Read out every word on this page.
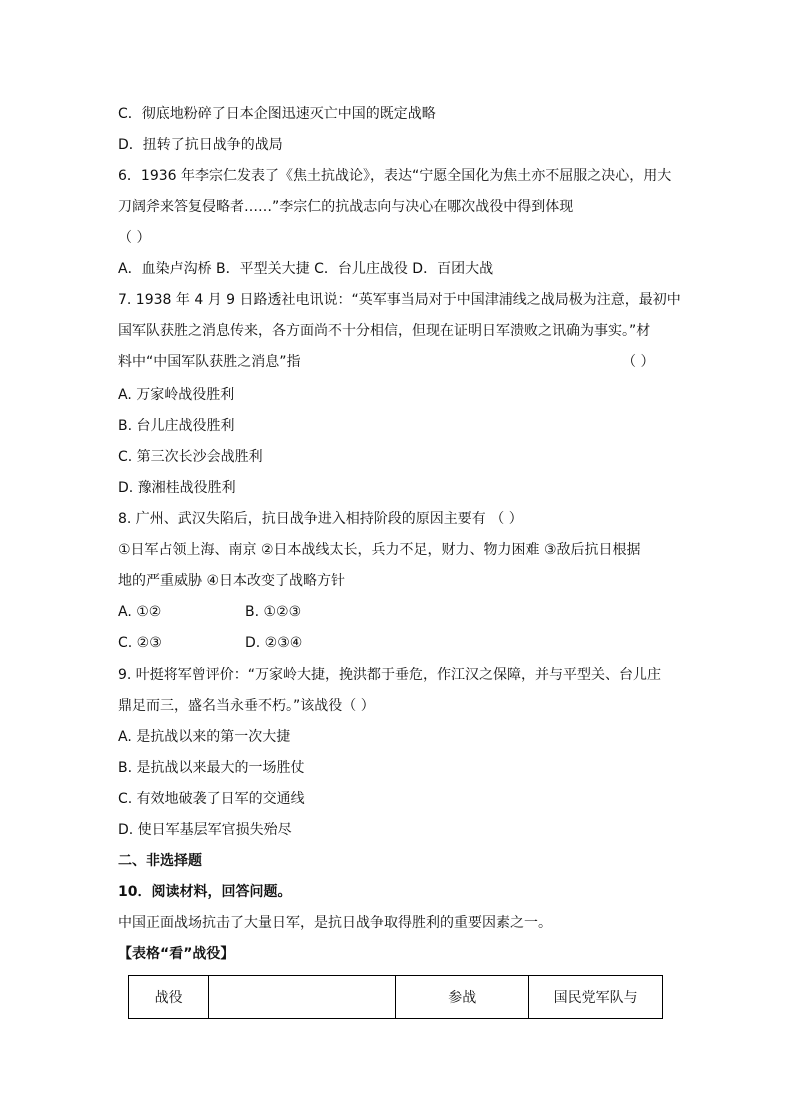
C．彻底地粉碎了日本企图迅速灭亡中国的既定战略
D．扭转了抗日战争的战局
6．1936 年李宗仁发表了《焦土抗战论》，表达“宁愿全国化为焦土亦不屈服之决心，用大
刀阔斧来答复侵略者……”李宗仁的抗战志向与决心在哪次战役中得到体现
（ ）
A．血染卢沟桥 B．平型关大捷 C．台儿庄战役 D．百团大战
7. 1938 年 4 月 9 日路透社电讯说：“英军事当局对于中国津浦线之战局极为注意，最初中
国军队获胜之消息传来，各方面尚不十分相信，但现在证明日军溃败之讯确为事实。”材
料中“中国军队获胜之消息”指	（ ）
A. 万家岭战役胜利
B. 台儿庄战役胜利
C. 第三次长沙会战胜利
D. 豫湘桂战役胜利
8. 广州、武汉失陷后，抗日战争进入相持阶段的原因主要有 （ ）
①日军占领上海、南京 ②日本战线太长，兵力不足，财力、物力困难 ③敌后抗日根据
地的严重威胁 ④日本改变了战略方针
A. ①②	B. ①②③
C. ②③	D. ②③④
9. 叶挺将军曾评价：“万家岭大捷，挽洪都于垂危，作江汉之保障，并与平型关、台儿庄
鼎足而三，盛名当永垂不朽。”该战役（ ）
A. 是抗战以来的第一次大捷
B. 是抗战以来最大的一场胜仗
C. 有效地破袭了日军的交通线
D. 使日军基层军官损失殆尽
二、非选择题
10．阅读材料，回答问题。
中国正面战场抗击了大量日军，是抗日战争取得胜利的重要因素之一。
【表格“看”战役】
战役		参战	国民党军队与
